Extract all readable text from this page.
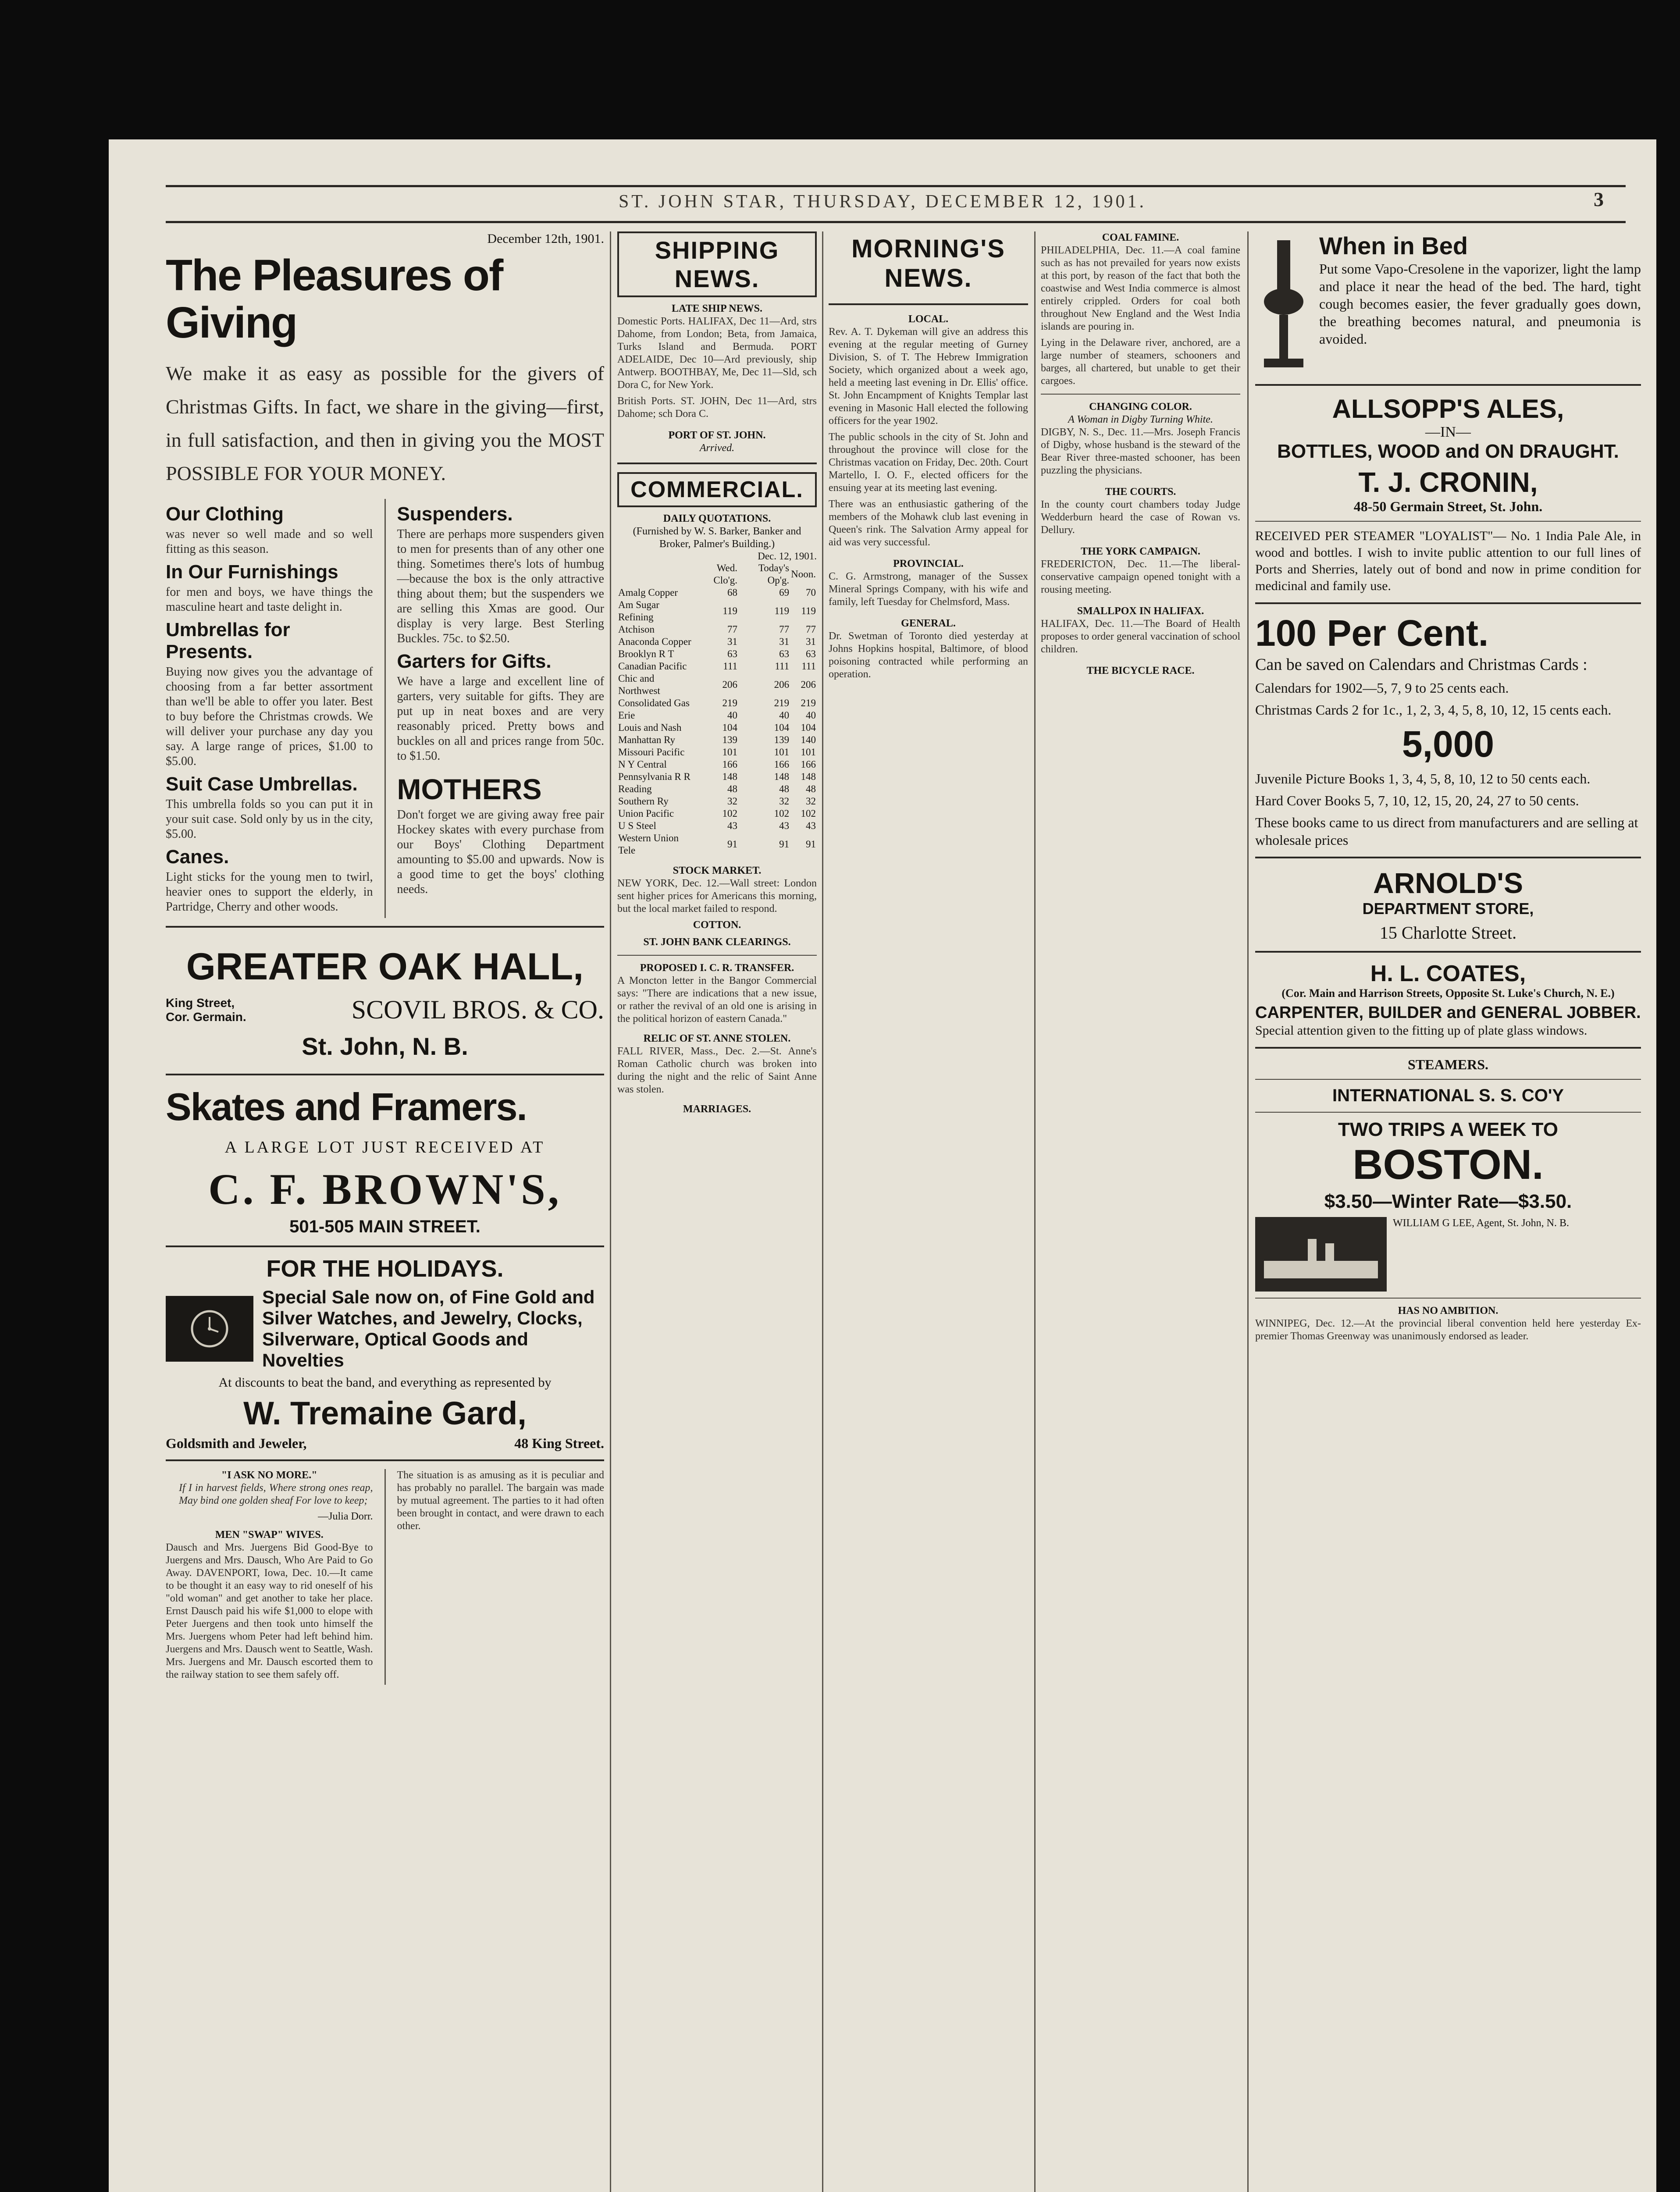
ST. JOHN STAR, THURSDAY, DECEMBER 12, 1901.	3
December 12th, 1901.
The Pleasures of Giving
We make it as easy as possible for the givers of Christmas Gifts. In fact, we share in the giving—first, in full satisfaction, and then in giving you the MOST POSSIBLE FOR YOUR MONEY.
Our Clothing
was never so well made and so well fitting as this season.
In Our Furnishings
for men and boys, we have things the masculine heart and taste delight in.
Umbrellas for Presents.
Buying now gives you the advantage of choosing from a far better assortment than we'll be able to offer you later. Best to buy before the Christmas crowds. We will deliver your purchase any day you say. A large range of prices, $1.00 to $5.00.
Suit Case Umbrellas.
This umbrella folds so you can put it in your suit case. Sold only by us in the city, $5.00.
Canes.
Light sticks for the young men to twirl, heavier ones to support the elderly, in Partridge, Cherry and other woods.
Suspenders.
There are perhaps more suspenders given to men for presents than of any other one thing. Sometimes there's lots of humbug—because the box is the only attractive thing about them; but the suspenders we are selling this Xmas are good. Our display is very large. Best Sterling Buckles. 75c. to $2.50.
Garters for Gifts.
We have a large and excellent line of garters, very suitable for gifts. They are put up in neat boxes and are very reasonably priced. Pretty bows and buckles on all and prices range from 50c. to $1.50.
MOTHERS
Don't forget we are giving away free pair Hockey skates with every purchase from our Boys' Clothing Department amounting to $5.00 and upwards. Now is a good time to get the boys' clothing needs.
GREATER OAK HALL,
King Street, Cor. Germain.	SCOVIL BROS. & CO.
St. John, N. B.
Skates and Framers.
A LARGE LOT JUST RECEIVED AT
C. F. BROWN'S,
501-505 MAIN STREET.
FOR THE HOLIDAYS.
Special Sale now on, of Fine Gold and Silver Watches, and Jewelry, Clocks, Silverware, Optical Goods and Novelties
At discounts to beat the band, and everything as represented by
W. Tremaine Gard,
Goldsmith and Jeweler,	48 King Street.
"I ASK NO MORE."
If I in harvest fields, Where strong ones reap, May bind one golden sheaf For love to keep;
—Julia Dorr.
MEN "SWAP" WIVES.
Dausch and Mrs. Juergens Bid Good-Bye to Juergens and Mrs. Dausch, Who Are Paid to Go Away. DAVENPORT, Iowa, Dec. 10.—It came to be thought it an easy way to rid oneself of his "old woman" and get another to take her place. Ernst Dausch paid his wife $1,000 to elope with Peter Juergens and then took unto himself the Mrs. Juergens whom Peter had left behind him. Juergens and Mrs. Dausch went to Seattle, Wash. Mrs. Juergens and Mr. Dausch escorted them to the railway station to see them safely off.
The situation is as amusing as it is peculiar and has probably no parallel. The bargain was made by mutual agreement. The parties to it had often been brought in contact, and were drawn to each other.
SHIPPING NEWS.
LATE SHIP NEWS.
Domestic Ports. HALIFAX, Dec 11—Ard, strs Dahome, from London; Beta, from Jamaica, Turks Island and Bermuda. PORT ADELAIDE, Dec 10—Ard previously, ship Antwerp. BOOTHBAY, Me, Dec 11—Sld, sch Dora C, for New York.
British Ports. ST. JOHN, Dec 11—Ard, strs Dahome; sch Dora C.
PORT OF ST. JOHN.
Arrived.
COMMERCIAL.
DAILY QUOTATIONS.
(Furnished by W. S. Barker, Banker and Broker, Palmer's Building.)
Dec. 12, 1901.
	Wed. Clo'g.	Today's Op'g.	Noon.
Amalg Copper	68	69	70
Am Sugar Refining	119	119	119
Atchison	77	77	77
Anaconda Copper	31	31	31
Brooklyn R T	63	63	63
Canadian Pacific	111	111	111
Chic and Northwest	206	206	206
Consolidated Gas	219	219	219
Erie	40	40	40
Louis and Nash	104	104	104
Manhattan Ry	139	139	140
Missouri Pacific	101	101	101
N Y Central	166	166	166
Pennsylvania R R	148	148	148
Reading	48	48	48
Southern Ry	32	32	32
Union Pacific	102	102	102
U S Steel	43	43	43
Western Union Tele	91	91	91
STOCK MARKET.
NEW YORK, Dec. 12.—Wall street: London sent higher prices for Americans this morning, but the local market failed to respond.
COTTON.
ST. JOHN BANK CLEARINGS.
PROPOSED I. C. R. TRANSFER.
A Moncton letter in the Bangor Commercial says: "There are indications that a new issue, or rather the revival of an old one is arising in the political horizon of eastern Canada."
RELIC OF ST. ANNE STOLEN.
FALL RIVER, Mass., Dec. 2.—St. Anne's Roman Catholic church was broken into during the night and the relic of Saint Anne was stolen.
MARRIAGES.
MORNING'S NEWS.
LOCAL.
Rev. A. T. Dykeman will give an address this evening at the regular meeting of Gurney Division, S. of T. The Hebrew Immigration Society, which organized about a week ago, held a meeting last evening in Dr. Ellis' office. St. John Encampment of Knights Templar last evening in Masonic Hall elected the following officers for the year 1902.
The public schools in the city of St. John and throughout the province will close for the Christmas vacation on Friday, Dec. 20th. Court Martello, I. O. F., elected officers for the ensuing year at its meeting last evening.
There was an enthusiastic gathering of the members of the Mohawk club last evening in Queen's rink. The Salvation Army appeal for aid was very successful.
PROVINCIAL.
C. G. Armstrong, manager of the Sussex Mineral Springs Company, with his wife and family, left Tuesday for Chelmsford, Mass.
GENERAL.
Dr. Swetman of Toronto died yesterday at Johns Hopkins hospital, Baltimore, of blood poisoning contracted while performing an operation.
COAL FAMINE.
PHILADELPHIA, Dec. 11.—A coal famine such as has not prevailed for years now exists at this port, by reason of the fact that both the coastwise and West India commerce is almost entirely crippled. Orders for coal both throughout New England and the West India islands are pouring in.
Lying in the Delaware river, anchored, are a large number of steamers, schooners and barges, all chartered, but unable to get their cargoes.
CHANGING COLOR.
A Woman in Digby Turning White.
DIGBY, N. S., Dec. 11.—Mrs. Joseph Francis of Digby, whose husband is the steward of the Bear River three-masted schooner, has been puzzling the physicians.
THE COURTS.
In the county court chambers today Judge Wedderburn heard the case of Rowan vs. Dellury.
THE YORK CAMPAIGN.
FREDERICTON, Dec. 11.—The liberal-conservative campaign opened tonight with a rousing meeting.
SMALLPOX IN HALIFAX.
HALIFAX, Dec. 11.—The Board of Health proposes to order general vaccination of school children.
THE BICYCLE RACE.
When in Bed
Put some Vapo-Cresolene in the vaporizer, light the lamp and place it near the head of the bed. The hard, tight cough becomes easier, the fever gradually goes down, the breathing becomes natural, and pneumonia is avoided.
ALLSOPP'S ALES,
—IN—
BOTTLES, WOOD and ON DRAUGHT.
T. J. CRONIN,
48-50 Germain Street, St. John.
RECEIVED PER STEAMER "LOYALIST"— No. 1 India Pale Ale, in wood and bottles. I wish to invite public attention to our full lines of Ports and Sherries, lately out of bond and now in prime condition for medicinal and family use.
100 Per Cent.
Can be saved on Calendars and Christmas Cards :
Calendars for 1902—5, 7, 9 to 25 cents each.
Christmas Cards 2 for 1c., 1, 2, 3, 4, 5, 8, 10, 12, 15 cents each.
5,000
Juvenile Picture Books 1, 3, 4, 5, 8, 10, 12 to 50 cents each.
Hard Cover Books 5, 7, 10, 12, 15, 20, 24, 27 to 50 cents.
These books came to us direct from manufacturers and are selling at wholesale prices
ARNOLD'S
DEPARTMENT STORE,
15 Charlotte Street.
H. L. COATES,
(Cor. Main and Harrison Streets, Opposite St. Luke's Church, N. E.)
CARPENTER, BUILDER and GENERAL JOBBER.
Special attention given to the fitting up of plate glass windows.
STEAMERS.
INTERNATIONAL S. S. CO'Y
TWO TRIPS A WEEK TO
BOSTON.
$3.50—Winter Rate—$3.50.
WILLIAM G LEE, Agent, St. John, N. B.
HAS NO AMBITION.
WINNIPEG, Dec. 12.—At the provincial liberal convention held here yesterday Ex-premier Thomas Greenway was unanimously endorsed as leader.
